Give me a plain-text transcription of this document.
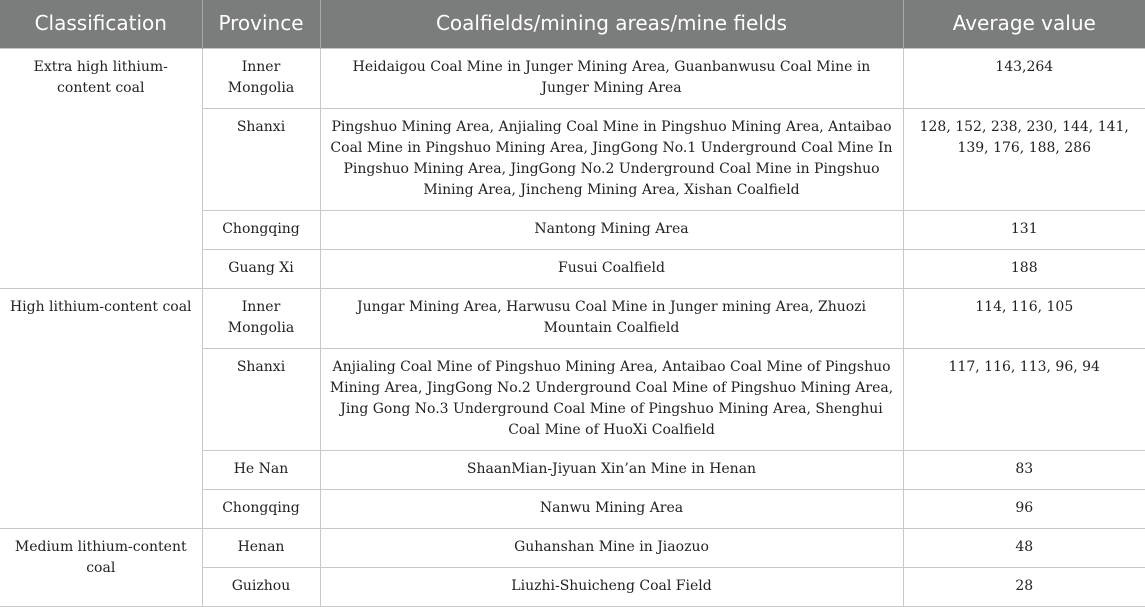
Classification	Province	Coalfields/mining areas/mine fields	Average value
Extra high lithium-content coal	Inner Mongolia	Heidaigou Coal Mine in Junger Mining Area, Guanbanwusu Coal Mine in Junger Mining Area	143,264
	Shanxi	Pingshuo Mining Area, Anjialing Coal Mine in Pingshuo Mining Area, Antaibao Coal Mine in Pingshuo Mining Area, JingGong No.1 Underground Coal Mine In Pingshuo Mining Area, JingGong No.2 Underground Coal Mine in Pingshuo Mining Area, Jincheng Mining Area, Xishan Coalfield	128, 152, 238, 230, 144, 141, 139, 176, 188, 286
	Chongqing	Nantong Mining Area	131
	Guang Xi	Fusui Coalfield	188
High lithium-content coal	Inner Mongolia	Jungar Mining Area, Harwusu Coal Mine in Junger mining Area, Zhuozi Mountain Coalfield	114, 116, 105
	Shanxi	Anjialing Coal Mine of Pingshuo Mining Area, Antaibao Coal Mine of Pingshuo Mining Area, JingGong No.2 Underground Coal Mine of Pingshuo Mining Area, Jing Gong No.3 Underground Coal Mine of Pingshuo Mining Area, Shenghui Coal Mine of HuoXi Coalfield	117, 116, 113, 96, 94
	He Nan	ShaanMian-Jiyuan Xin’an Mine in Henan	83
	Chongqing	Nanwu Mining Area	96
Medium lithium-content coal	Henan	Guhanshan Mine in Jiaozuo	48
	Guizhou	Liuzhi-Shuicheng Coal Field	28
